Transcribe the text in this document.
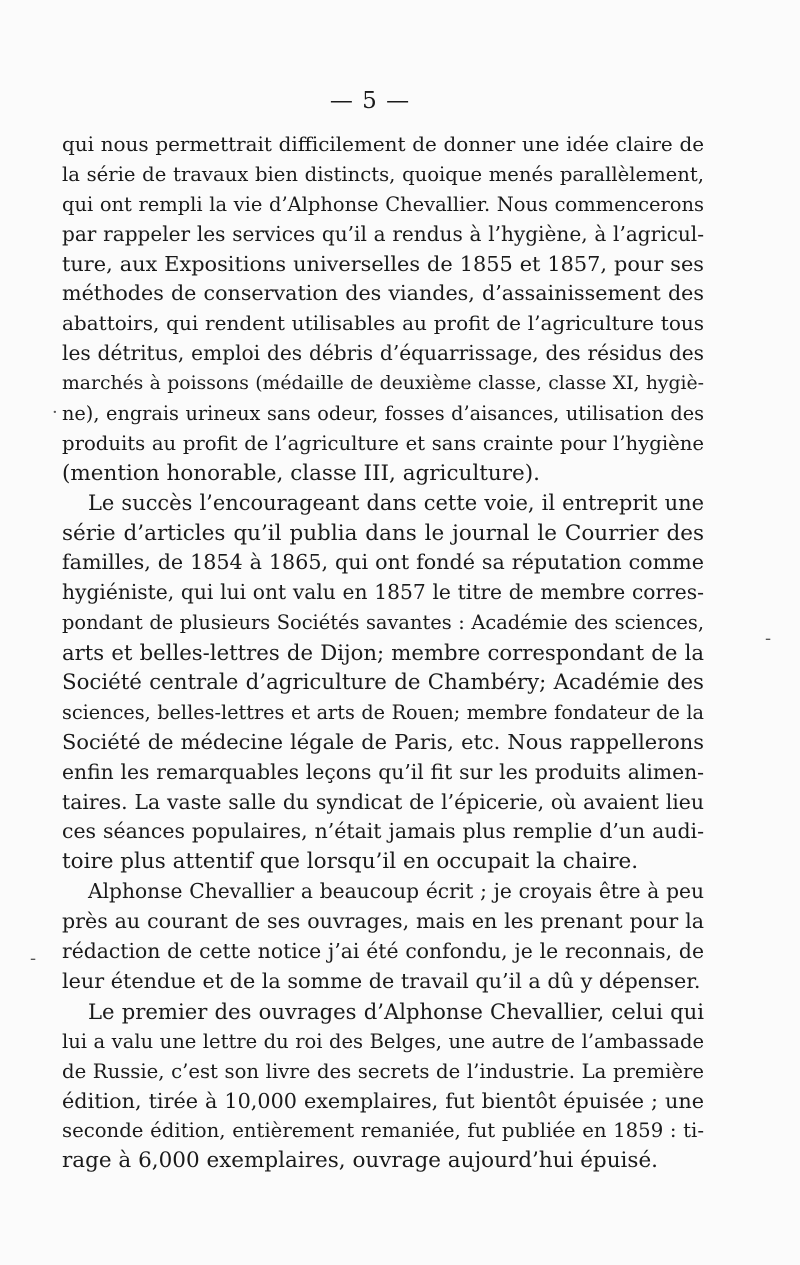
— 5 —
qui nous permettrait difficilement de donner une idée claire de
la série de travaux bien distincts, quoique menés parallèlement,
qui ont rempli la vie d’Alphonse Chevallier. Nous commencerons
par rappeler les services qu’il a rendus à l’hygiène, à l’agricul-
ture, aux Expositions universelles de 1855 et 1857, pour ses
méthodes de conservation des viandes, d’assainissement des
abattoirs, qui rendent utilisables au profit de l’agriculture tous
les détritus, emploi des débris d’équarrissage, des résidus des
marchés à poissons (médaille de deuxième classe, classe XI, hygiè-
ne), engrais urineux sans odeur, fosses d’aisances, utilisation des
produits au profit de l’agriculture et sans crainte pour l’hygiène
(mention honorable, classe III, agriculture).
Le succès l’encourageant dans cette voie, il entreprit une
série d’articles qu’il publia dans le journal le Courrier des
familles, de 1854 à 1865, qui ont fondé sa réputation comme
hygiéniste, qui lui ont valu en 1857 le titre de membre corres-
pondant de plusieurs Sociétés savantes : Académie des sciences,
arts et belles-lettres de Dijon; membre correspondant de la
Société centrale d’agriculture de Chambéry; Académie des
sciences, belles-lettres et arts de Rouen; membre fondateur de la
Société de médecine légale de Paris, etc. Nous rappellerons
enfin les remarquables leçons qu’il fit sur les produits alimen-
taires. La vaste salle du syndicat de l’épicerie, où avaient lieu
ces séances populaires, n’était jamais plus remplie d’un audi-
toire plus attentif que lorsqu’il en occupait la chaire.
Alphonse Chevallier a beaucoup écrit ; je croyais être à peu
près au courant de ses ouvrages, mais en les prenant pour la
rédaction de cette notice j’ai été confondu, je le reconnais, de
leur étendue et de la somme de travail qu’il a dû y dépenser.
Le premier des ouvrages d’Alphonse Chevallier, celui qui
lui a valu une lettre du roi des Belges, une autre de l’ambassade
de Russie, c’est son livre des secrets de l’industrie. La première
édition, tirée à 10,000 exemplaires, fut bientôt épuisée ; une
seconde édition, entièrement remaniée, fut publiée en 1859 : ti-
rage à 6,000 exemplaires, ouvrage aujourd’hui épuisé.
·
-
-
